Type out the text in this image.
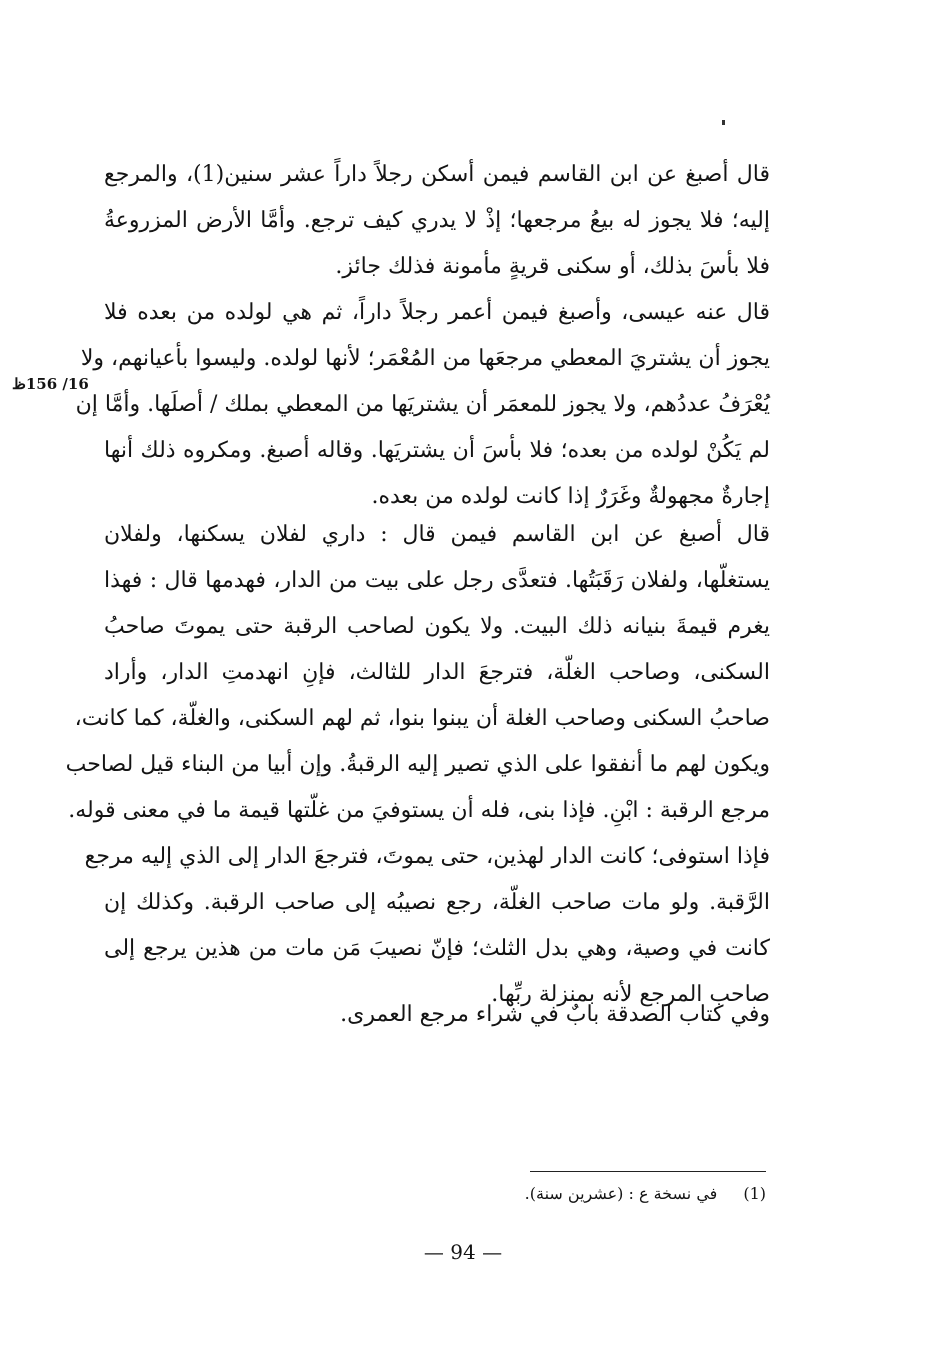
قال أصبغ عن ابن القاسم فيمن أسكن رجلاً داراً عشر سنين(1)، والمرجع
إليه؛ فلا يجوز له بيعُ مرجعها؛ إذْ لا يدري كيف ترجع. وأمَّا الأرض المزروعةُ
فلا بأسَ بذلك، أو سكنى قريةٍ مأمونة فذلك جائز.
قال عنه عيسى، وأصبغ فيمن أعمر رجلاً داراً، ثم هي لولده من بعده فلا
يجوز أن يشتريَ المعطي مرجعَها من المُعْمَر؛ لأنها لولده. وليسوا بأعيانهم، ولا
يُعْرَفُ عددُهم، ولا يجوز للمعمَر أن يشتريَها من المعطي بملك / أصلَها. وأمَّا إن
لم يَكُنْ لولده من بعده؛ فلا بأسَ أن يشتريَها. وقاله أصبغ. ومكروه ذلك أنها
إجارةٌ مجهولةٌ وغَرَرٌ إذا كانت لولده من بعده.
16/ 156ظ
قال أصبغ عن ابن القاسم فيمن قال : داري لفلان يسكنها، ولفلان
يستغلّها، ولفلان رَقَبَتُها. فتعدَّى رجل على بيت من الدار، فهدمها قال : فهذا
يغرم قيمةَ بنيانه ذلك البيت. ولا يكون لصاحب الرقبة حتى يموتَ صاحبُ
السكنى، وصاحب الغلّة، فترجعَ الدار للثالث، فإنِ انهدمتِ الدار، وأراد
صاحبُ السكنى وصاحب الغلة أن يبنوا بنوا، ثم لهم السكنى، والغلّة، كما كانت،
ويكون لهم ما أنفقوا على الذي تصير إليه الرقبةُ. وإن أبيا من البناء قيل لصاحب
مرجع الرقبة : ابْنِ. فإذا بنى، فله أن يستوفيَ من غلّتها قيمة ما في معنى قوله.
فإذا استوفى؛ كانت الدار لهذين، حتى يموتَ، فترجعَ الدار إلى الذي إليه مرجع
الرَّقبة. ولو مات صاحب الغلّة، رجع نصيبُه إلى صاحب الرقبة. وكذلك إن
كانت في وصية، وهي بدل الثلث؛ فإنّ نصيبَ مَن مات من هذين يرجع إلى
صاحب المرجع لأنه بمنزلة ربِّها.
وفي كتاب الصدقة بابٌ في شراء مرجع العمرى.
(1)في نسخة ع : (عشرين سنة).
— 94 —
